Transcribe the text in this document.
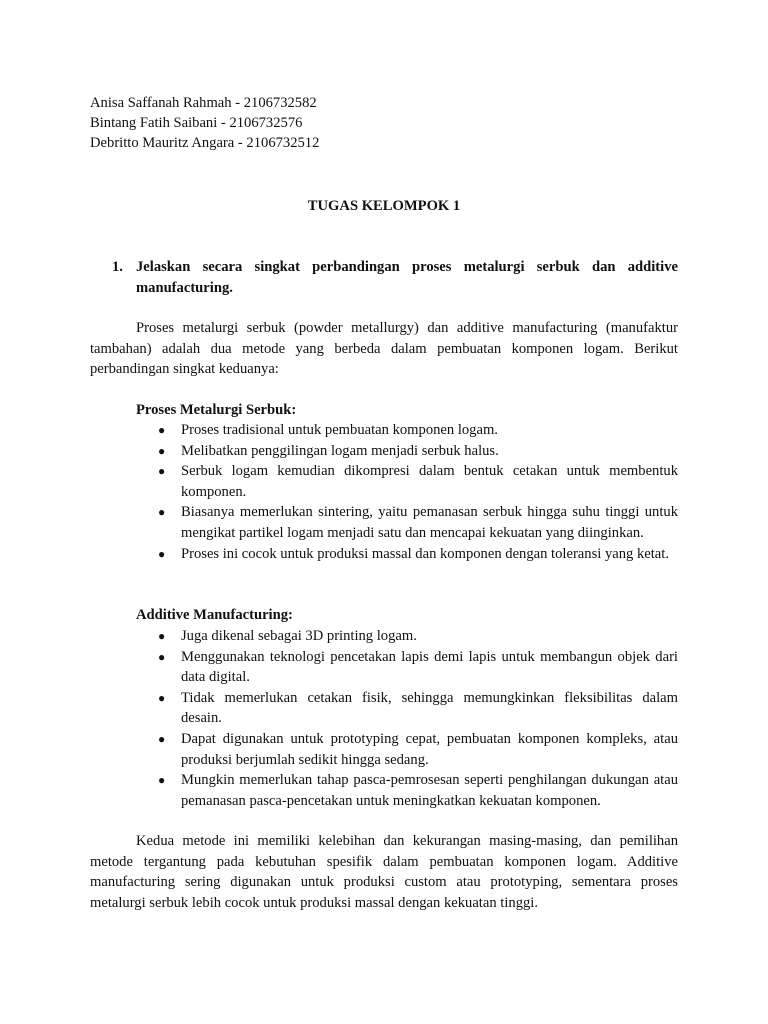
Anisa Saffanah Rahmah - 2106732582
Bintang Fatih Saibani - 2106732576
Debritto Mauritz Angara - 2106732512
TUGAS KELOMPOK 1
1. Jelaskan secara singkat perbandingan proses metalurgi serbuk dan additive manufacturing.

Proses metalurgi serbuk (powder metallurgy) dan additive manufacturing (manufaktur tambahan) adalah dua metode yang berbeda dalam pembuatan komponen logam. Berikut perbandingan singkat keduanya:

Proses Metalurgi Serbuk:
● Proses tradisional untuk pembuatan komponen logam.
● Melibatkan penggilingan logam menjadi serbuk halus.
● Serbuk logam kemudian dikompresi dalam bentuk cetakan untuk membentuk komponen.
● Biasanya memerlukan sintering, yaitu pemanasan serbuk hingga suhu tinggi untuk mengikat partikel logam menjadi satu dan mencapai kekuatan yang diinginkan.
● Proses ini cocok untuk produksi massal dan komponen dengan toleransi yang ketat.
Additive Manufacturing:
● Juga dikenal sebagai 3D printing logam.
● Menggunakan teknologi pencetakan lapis demi lapis untuk membangun objek dari data digital.
● Tidak memerlukan cetakan fisik, sehingga memungkinkan fleksibilitas dalam desain.
● Dapat digunakan untuk prototyping cepat, pembuatan komponen kompleks, atau produksi berjumlah sedikit hingga sedang.
● Mungkin memerlukan tahap pasca-pemrosesan seperti penghilangan dukungan atau pemanasan pasca-pencetakan untuk meningkatkan kekuatan komponen.

Kedua metode ini memiliki kelebihan dan kekurangan masing-masing, dan pemilihan metode tergantung pada kebutuhan spesifik dalam pembuatan komponen logam. Additive manufacturing sering digunakan untuk produksi custom atau prototyping, sementara proses metalurgi serbuk lebih cocok untuk produksi massal dengan kekuatan tinggi.
